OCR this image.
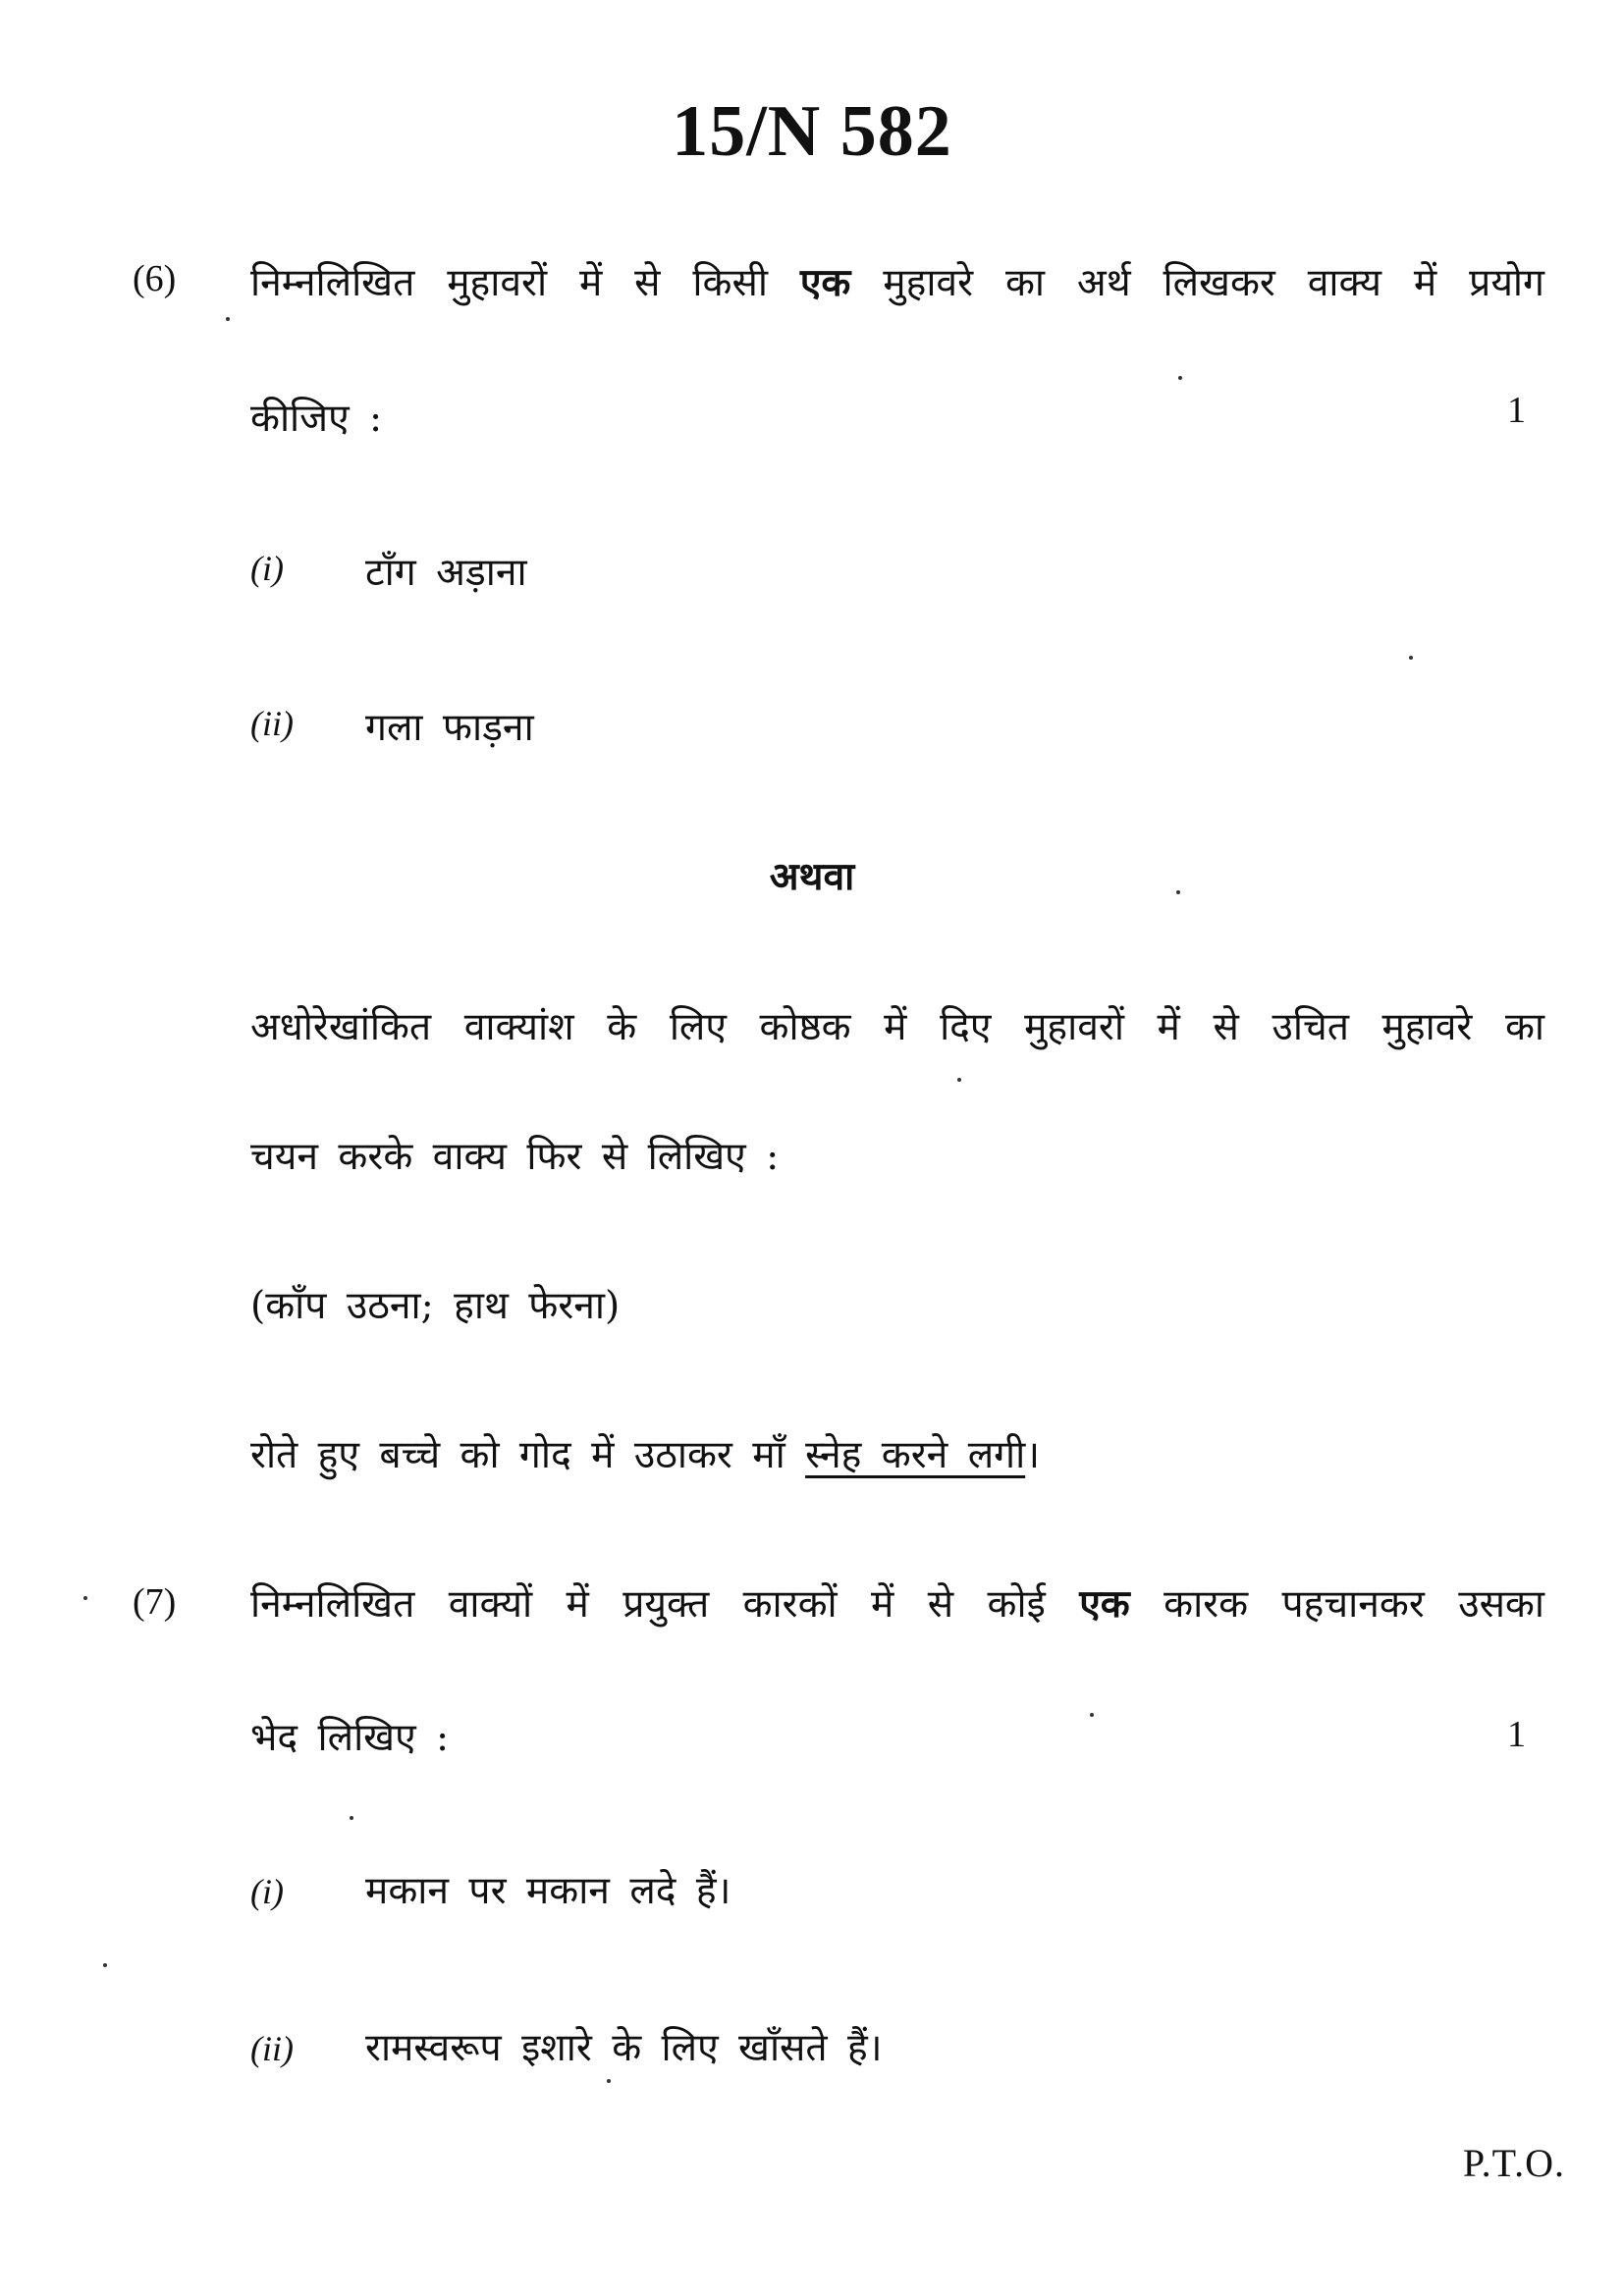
15/N 582
(6) निम्नलिखित मुहावरों में से किसी एक मुहावरे का अर्थ लिखकर वाक्य में प्रयोग
कीजिए :	1
(i) टाँग अड़ाना
(ii) गला फाड़ना
अथवा
अधोरेखांकित वाक्यांश के लिए कोष्ठक में दिए मुहावरों में से उचित मुहावरे का
चयन करके वाक्य फिर से लिखिए :
(काँप उठना; हाथ फेरना)
रोते हुए बच्चे को गोद में उठाकर माँ स्नेह करने लगी।
(7) निम्नलिखित वाक्यों में प्रयुक्त कारकों में से कोई एक कारक पहचानकर उसका
भेद लिखिए :	1
(i) मकान पर मकान लदे हैं।
(ii) रामस्वरूप इशारे के लिए खाँसते हैं।
P.T.O.
